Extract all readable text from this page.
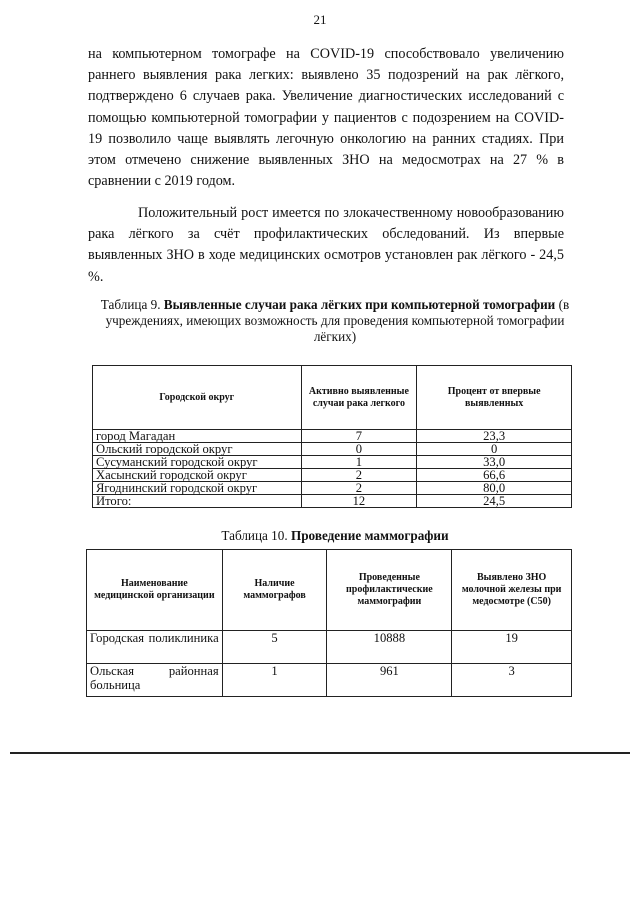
21

на компьютерном томографе на COVID-19 способствовало увеличению раннего выявления рака легких: выявлено 35 подозрений на рак лёгкого, подтверждено 6 случаев рака. Увеличение диагностических исследований с помощью компьютерной томографии у пациентов с подозрением на COVID-19 позволило чаще выявлять легочную онкологию на ранних стадиях. При этом отмечено снижение выявленных ЗНО на медосмотрах на 27 % в сравнении с 2019 годом.

Положительный рост имеется по злокачественному новообразованию рака лёгкого за счёт профилактических обследований. Из впервые выявленных ЗНО в ходе медицинских осмотров установлен рак лёгкого - 24,5 %.

Таблица 9. Выявленные случаи рака лёгких при компьютерной томографии (в учреждениях, имеющих возможность для проведения компьютерной томографии лёгких)

Городской округ	Активно выявленные случаи рака легкого	Процент от впервые выявленных
город Магадан	7	23,3
Ольский городской округ	0	0
Сусуманский городской округ	1	33,0
Хасынский городской округ	2	66,6
Ягоднинский городской округ	2	80,0
Итого:	12	24,5

Таблица 10. Проведение маммографии

Наименование медицинской организации	Наличие маммографов	Проведенные профилактические маммографии	Выявлено ЗНО молочной железы при медосмотре (С50)
Городская поликлиника	5	10888	19
Ольская районная больница	1	961	3
